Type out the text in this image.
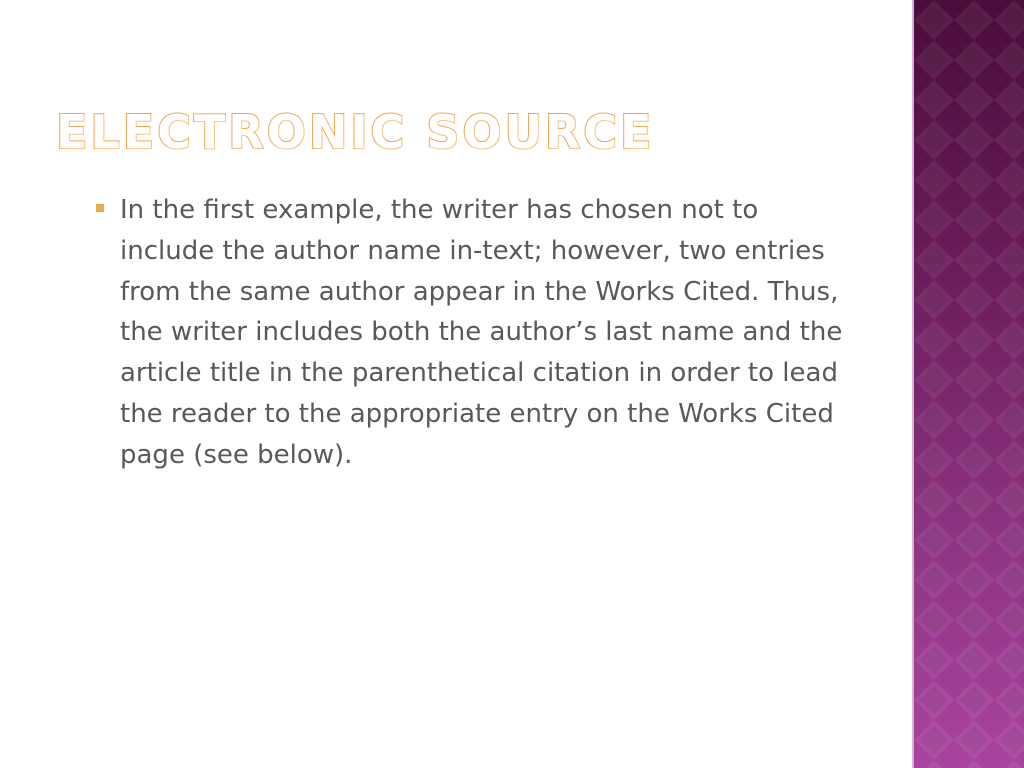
ELECTRONIC SOURCE

In the first example, the writer has chosen not to include the author name in-text; however, two entries from the same author appear in the Works Cited. Thus, the writer includes both the author’s last name and the article title in the parenthetical citation in order to lead the reader to the appropriate entry on the Works Cited page (see below).
